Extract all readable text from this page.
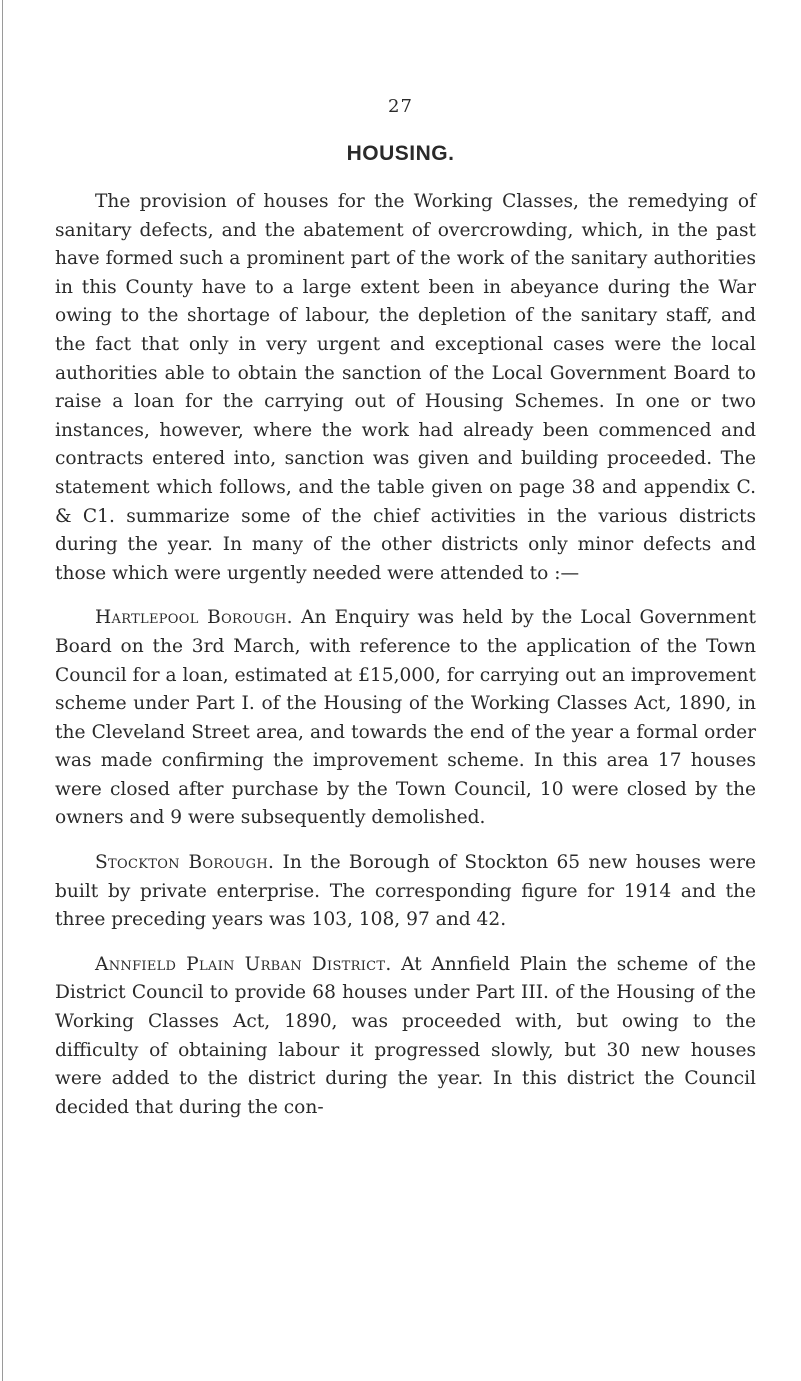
27
HOUSING.

The provision of houses for the Working Classes, the remedying of sanitary defects, and the abatement of overcrowding, which, in the past have formed such a prominent part of the work of the sanitary authorities in this County have to a large extent been in abeyance during the War owing to the shortage of labour, the depletion of the sanitary staff, and the fact that only in very urgent and exceptional cases were the local authorities able to obtain the sanction of the Local Government Board to raise a loan for the carrying out of Housing Schemes. In one or two instances, however, where the work had already been commenced and contracts entered into, sanction was given and building proceeded. The statement which follows, and the table given on page 38 and appendix C. & C1. summarize some of the chief activities in the various districts during the year. In many of the other districts only minor defects and those which were urgently needed were attended to :—

Hartlepool Borough. An Enquiry was held by the Local Government Board on the 3rd March, with reference to the application of the Town Council for a loan, estimated at £15,000, for carrying out an improvement scheme under Part I. of the Housing of the Working Classes Act, 1890, in the Cleveland Street area, and towards the end of the year a formal order was made confirming the improvement scheme. In this area 17 houses were closed after purchase by the Town Council, 10 were closed by the owners and 9 were subsequently demolished.

Stockton Borough. In the Borough of Stockton 65 new houses were built by private enterprise. The corresponding figure for 1914 and the three preceding years was 103, 108, 97 and 42.

Annfield Plain Urban District. At Annfield Plain the scheme of the District Council to provide 68 houses under Part III. of the Housing of the Working Classes Act, 1890, was proceeded with, but owing to the difficulty of obtaining labour it progressed slowly, but 30 new houses were added to the district during the year. In this district the Council decided that during the con-
